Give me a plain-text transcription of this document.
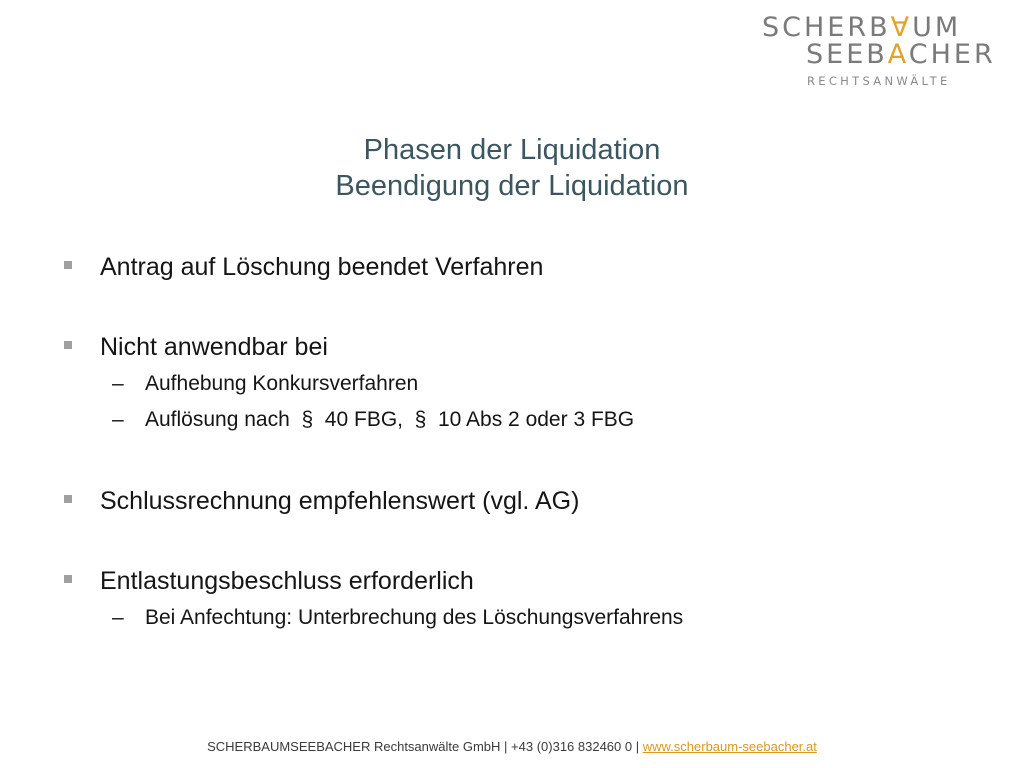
SCHERB∀UM
SEEBACHER
RECHTSANWÄLTE
Phasen der Liquidation
Beendigung der Liquidation
Antrag auf Löschung beendet Verfahren
Nicht anwendbar bei
– Aufhebung Konkursverfahren
– Auflösung nach  §  40 FBG,  §  10 Abs 2 oder 3 FBG
Schlussrechnung empfehlenswert (vgl. AG)
Entlastungsbeschluss erforderlich
– Bei Anfechtung: Unterbrechung des Löschungsverfahrens
SCHERBAUMSEEBACHER Rechtsanwälte GmbH | +43 (0)316 832460 0 | www.scherbaum-seebacher.at
